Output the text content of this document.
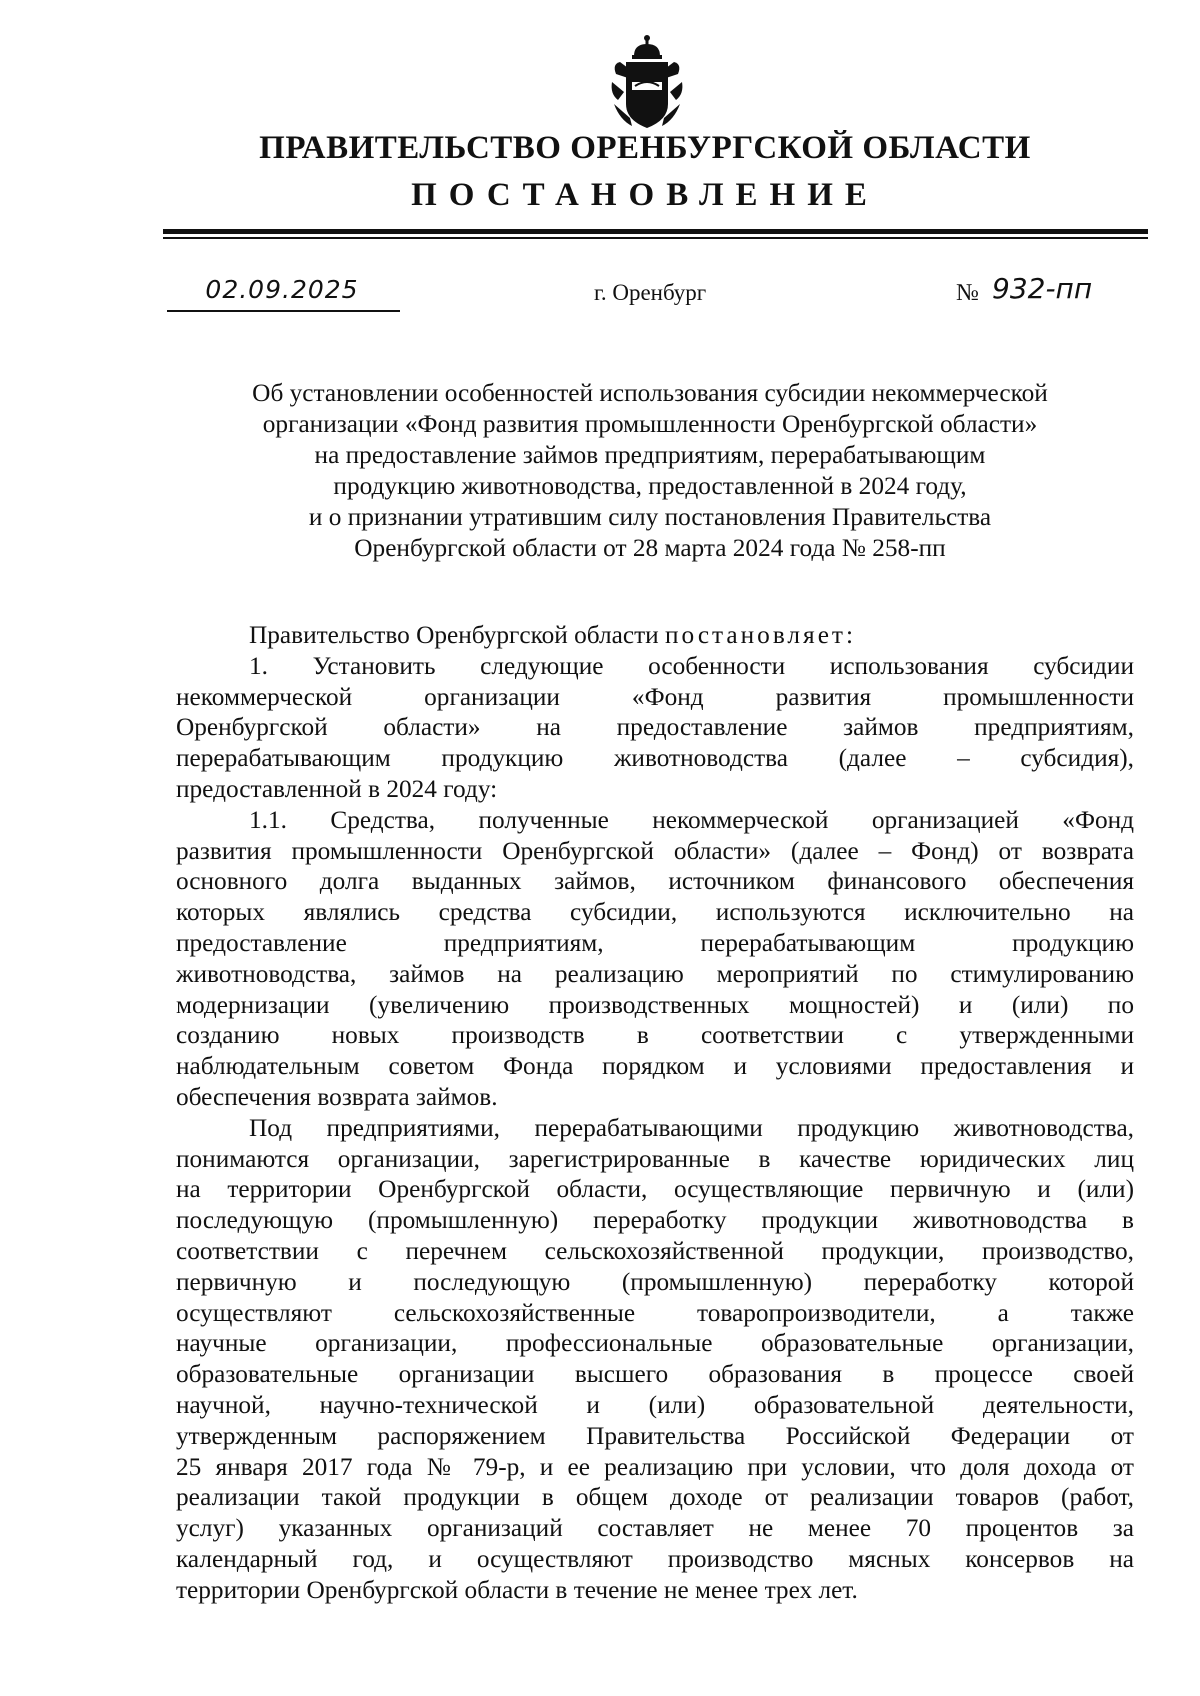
ПРАВИТЕЛЬСТВО ОРЕНБУРГСКОЙ ОБЛАСТИ
ПОСТАНОВЛЕНИЕ
02.09.2025	г. Оренбург	№ 932-пп
Об установлении особенностей использования субсидии некоммерческой
организации «Фонд развития промышленности Оренбургской области»
на предоставление займов предприятиям, перерабатывающим
продукцию животноводства, предоставленной в 2024 году,
и о признании утратившим силу постановления Правительства
Оренбургской области от 28 марта 2024 года № 258-пп
Правительство Оренбургской области постановляет:
1. Установить следующие особенности использования субсидии
некоммерческой организации «Фонд развития промышленности
Оренбургской области» на предоставление займов предприятиям,
перерабатывающим продукцию животноводства (далее – субсидия),
предоставленной в 2024 году:
1.1. Средства, полученные некоммерческой организацией «Фонд
развития промышленности Оренбургской области» (далее – Фонд) от возврата
основного долга выданных займов, источником финансового обеспечения
которых являлись средства субсидии, используются исключительно на
предоставление предприятиям, перерабатывающим продукцию
животноводства, займов на реализацию мероприятий по стимулированию
модернизации (увеличению производственных мощностей) и (или) по
созданию новых производств в соответствии с утвержденными
наблюдательным советом Фонда порядком и условиями предоставления и
обеспечения возврата займов.
Под предприятиями, перерабатывающими продукцию животноводства,
понимаются организации, зарегистрированные в качестве юридических лиц
на территории Оренбургской области, осуществляющие первичную и (или)
последующую (промышленную) переработку продукции животноводства в
соответствии с перечнем сельскохозяйственной продукции, производство,
первичную и последующую (промышленную) переработку которой
осуществляют сельскохозяйственные товаропроизводители, а также
научные организации, профессиональные образовательные организации,
образовательные организации высшего образования в процессе своей
научной, научно-технической и (или) образовательной деятельности,
утвержденным распоряжением Правительства Российской Федерации от
25 января 2017 года № 79-р, и ее реализацию при условии, что доля дохода от
реализации такой продукции в общем доходе от реализации товаров (работ,
услуг) указанных организаций составляет не менее 70 процентов за
календарный год, и осуществляют производство мясных консервов на
территории Оренбургской области в течение не менее трех лет.
